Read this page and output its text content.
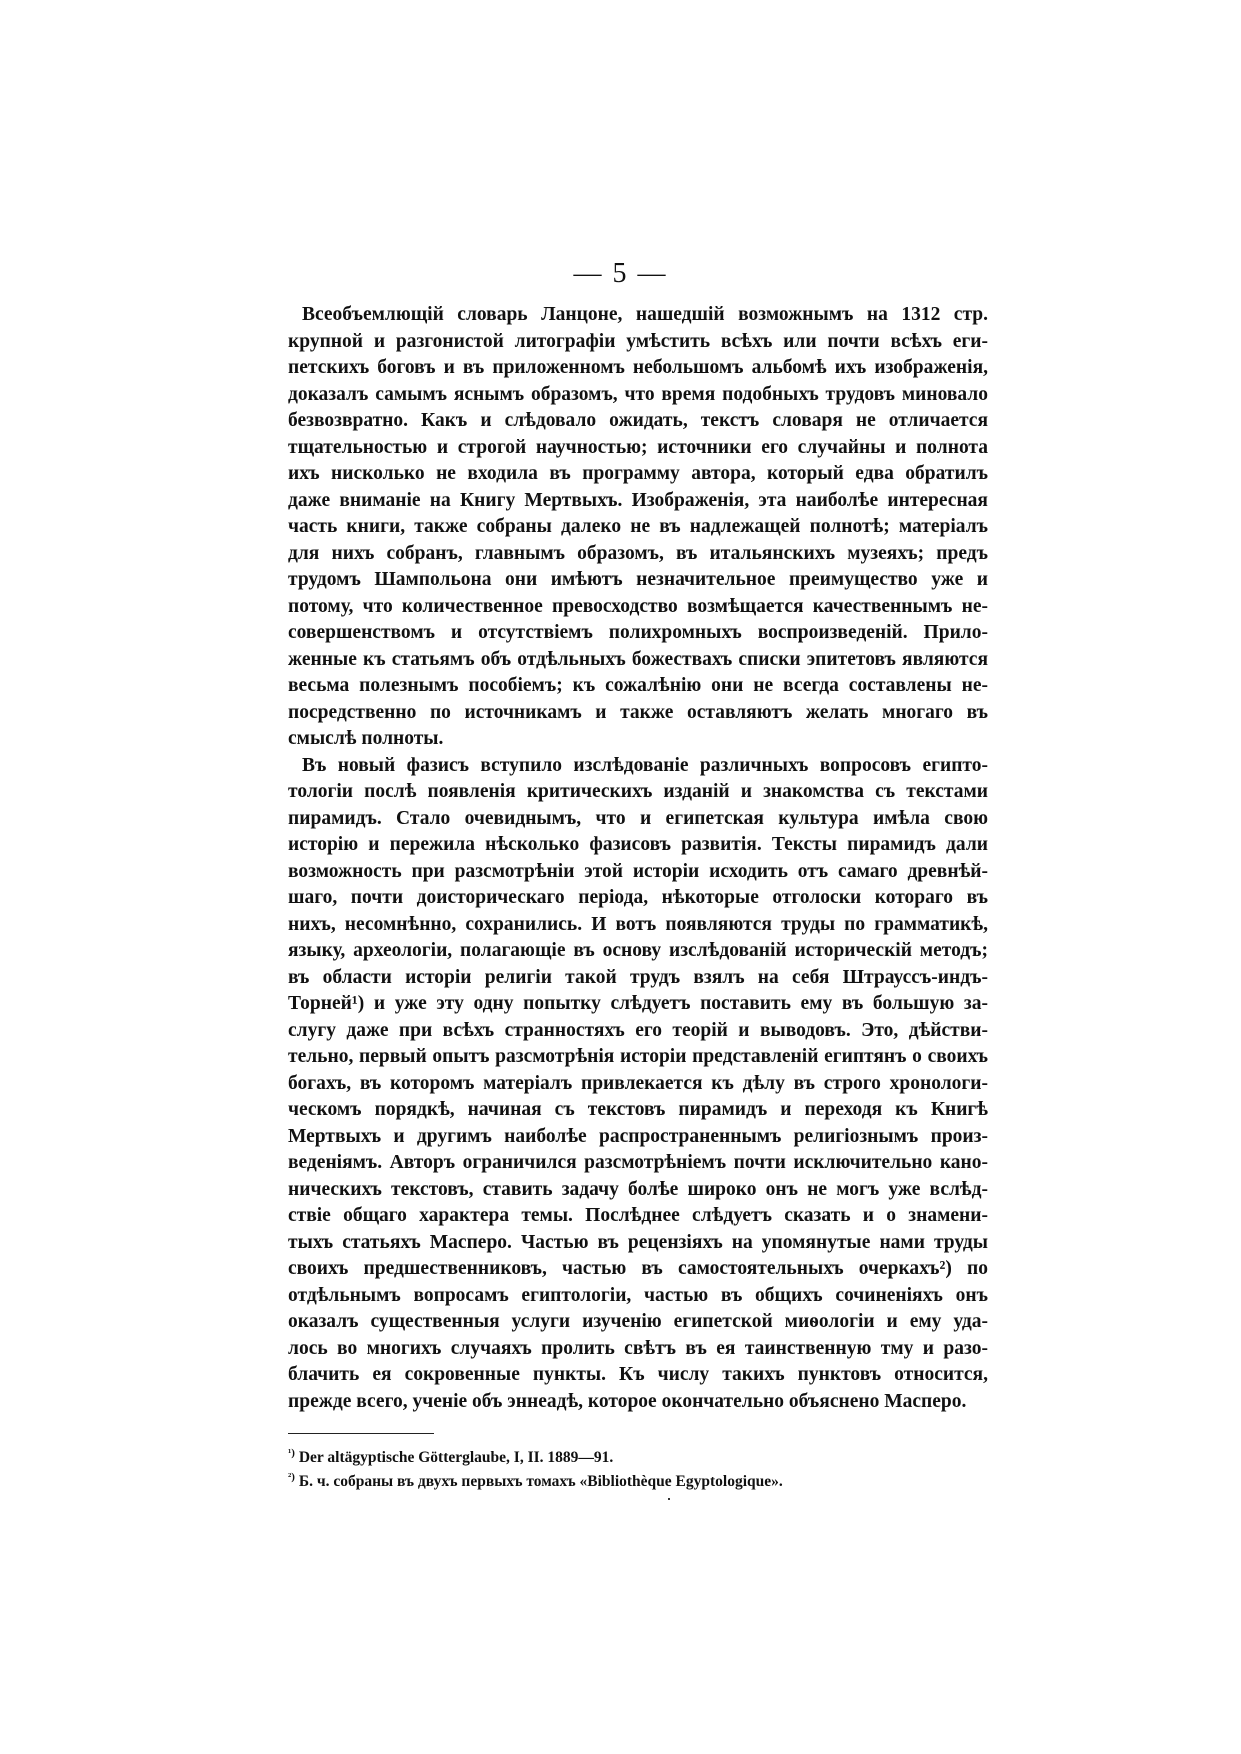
— 5 —
Всеобъемлющій словарь Ланцоне, нашедшій возможнымъ на 1312 стр.
крупной и разгонистой литографіи умѣстить всѣхъ или почти всѣхъ еги-
петскихъ боговъ и въ приложенномъ небольшомъ альбомѣ ихъ изображенія,
доказалъ самымъ яснымъ образомъ, что время подобныхъ трудовъ миновало
безвозвратно. Какъ и слѣдовало ожидать, текстъ словаря не отличается
тщательностью и строгой научностью; источники его случайны и полнота
ихъ нисколько не входила въ программу автора, который едва обратилъ
даже вниманіе на Книгу Мертвыхъ. Изображенія, эта наиболѣе интересная
часть книги, также собраны далеко не въ надлежащей полнотѣ; матеріалъ
для нихъ собранъ, главнымъ образомъ, въ итальянскихъ музеяхъ; предъ
трудомъ Шампольона они имѣютъ незначительное преимущество уже и
потому, что количественное превосходство возмѣщается качественнымъ не-
совершенствомъ и отсутствіемъ полихромныхъ воспроизведеній. Прило-
женные къ статьямъ объ отдѣльныхъ божествахъ списки эпитетовъ являются
весьма полезнымъ пособіемъ; къ сожалѣнію они не всегда составлены не-
посредственно по источникамъ и также оставляютъ желать многаго въ
смыслѣ полноты.
Въ новый фазисъ вступило изслѣдованіе различныхъ вопросовъ египто-
тологіи послѣ появленія критическихъ изданій и знакомства съ текстами
пирамидъ. Стало очевиднымъ, что и египетская культура имѣла свою
исторію и пережила нѣсколько фазисовъ развитія. Тексты пирамидъ дали
возможность при разсмотрѣніи этой исторіи исходить отъ самаго древнѣй-
шаго, почти доисторическаго періода, нѣкоторые отголоски котораго въ
нихъ, несомнѣнно, сохранились. И вотъ появляются труды по грамматикѣ,
языку, археологіи, полагающіе въ основу изслѣдованій историческій методъ;
въ области исторіи религіи такой трудъ взялъ на себя Штрауссъ-индъ-
Торней¹) и уже эту одну попытку слѣдуетъ поставить ему въ большую за-
слугу даже при всѣхъ странностяхъ его теорій и выводовъ. Это, дѣйстви-
тельно, первый опытъ разсмотрѣнія исторіи представленій египтянъ о своихъ
богахъ, въ которомъ матеріалъ привлекается къ дѣлу въ строго хронологи-
ческомъ порядкѣ, начиная съ текстовъ пирамидъ и переходя къ Книгѣ
Мертвыхъ и другимъ наиболѣе распространеннымъ религіознымъ произ-
веденіямъ. Авторъ ограничился разсмотрѣніемъ почти исключительно кано-
ническихъ текстовъ, ставить задачу болѣе широко онъ не могъ уже вслѣд-
ствіе общаго характера темы. Послѣднее слѣдуетъ сказать и о знамени-
тыхъ статьяхъ Масперо. Частью въ рецензіяхъ на упомянутые нами труды
своихъ предшественниковъ, частью въ самостоятельныхъ очеркахъ²) по
отдѣльнымъ вопросамъ египтологіи, частью въ общихъ сочиненіяхъ онъ
оказалъ существенныя услуги изученію египетской миѳологіи и ему уда-
лось во многихъ случаяхъ пролить свѣтъ въ ея таинственную тму и разо-
блачить ея сокровенные пункты. Къ числу такихъ пунктовъ относится,
прежде всего, ученіе объ эннеадѣ, которое окончательно объяснено Масперо.
$^{^1)}$ Der altägyptische Götterglaube, I, II. 1889—91.
$^{^2)}$ Б. ч. собраны въ двухъ первыхъ томахъ «Bibliothèque Egyptologique».
